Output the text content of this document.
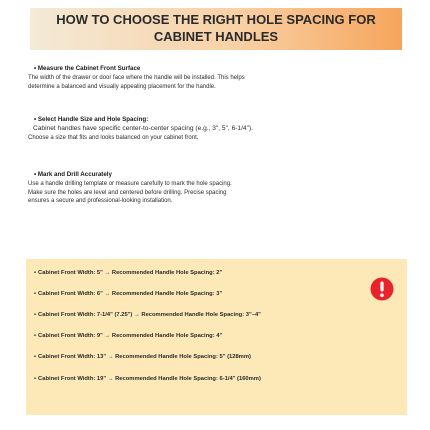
HOW TO CHOOSE THE RIGHT HOLE SPACING FOR

CABINET HANDLES

• Measure the Cabinet Front Surface

The width of the drawer or door face where the handle will be installed. This helps

determine a balanced and visually appealing placement for the handle.

• Select Handle Size and Hole Spacing:

Cabinet handles have specific center-to-center spacing (e.g., 3", 5", 6-1/4").

Choose a size that fits and looks balanced on your cabinet front.

• Mark and Drill Accurately

Use a handle drilling template or measure carefully to mark the hole spacing.

Make sure the holes are level and centered before drilling. Precise spacing

ensures a secure and professional-looking installation.

• Cabinet Front Width: 5" → Recommended Handle Hole Spacing: 2"
• Cabinet Front Width: 6" → Recommended Handle Hole Spacing: 3"
• Cabinet Front Width: 7-1/4" (7.25") → Recommended Handle Hole Spacing: 3"–4"
• Cabinet Front Width: 9" → Recommended Handle Hole Spacing: 4"
• Cabinet Front Width: 13" → Recommended Handle Hole Spacing: 5" (128mm)
• Cabinet Front Width: 19" → Recommended Handle Hole Spacing: 6-1/4" (160mm)
